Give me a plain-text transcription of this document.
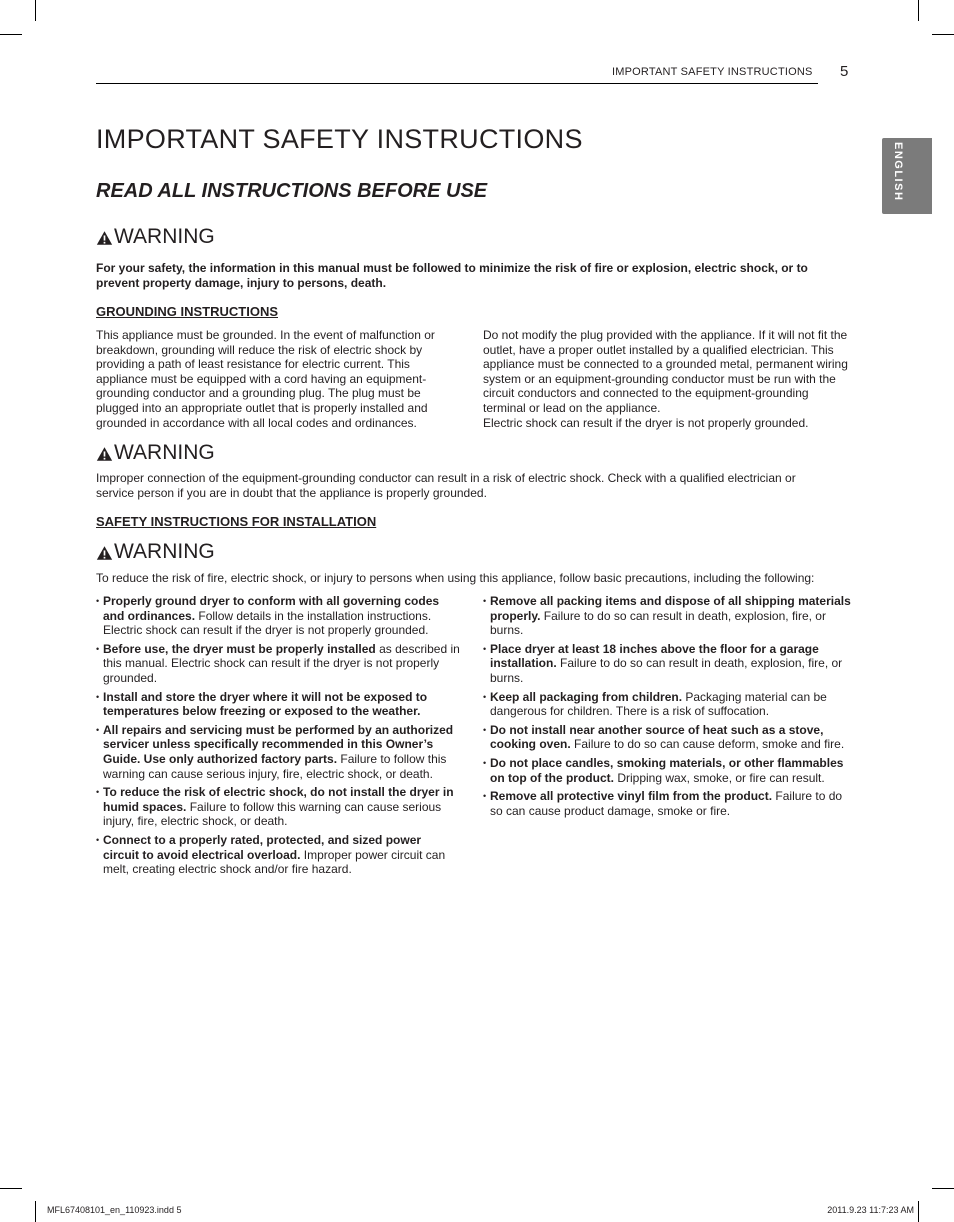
IMPORTANT SAFETY INSTRUCTIONS 5
ENGLISH
IMPORTANT SAFETY INSTRUCTIONS
READ ALL INSTRUCTIONS BEFORE USE
WARNING
For your safety, the information in this manual must be followed to minimize the risk of fire or explosion, electric shock, or to prevent property damage, injury to persons, death.
GROUNDING INSTRUCTIONS
This appliance must be grounded. In the event of malfunction or breakdown, grounding will reduce the risk of electric shock by providing a path of least resistance for electric current. This appliance must be equipped with a cord having an equipment-grounding conductor and a grounding plug. The plug must be plugged into an appropriate outlet that is properly installed and grounded in accordance with all local codes and ordinances.
Do not modify the plug provided with the appliance. If it will not fit the outlet, have a proper outlet installed by a qualified electrician. This appliance must be connected to a grounded metal, permanent wiring system or an equipment-grounding conductor must be run with the circuit conductors and connected to the equipment-grounding terminal or lead on the appliance.
Electric shock can result if the dryer is not properly grounded.
WARNING
Improper connection of the equipment-grounding conductor can result in a risk of electric shock. Check with a qualified electrician or service person if you are in doubt that the appliance is properly grounded.
SAFETY INSTRUCTIONS FOR INSTALLATION
WARNING
To reduce the risk of fire, electric shock, or injury to persons when using this appliance, follow basic precautions, including the following:
• Properly ground dryer to conform with all governing codes and ordinances. Follow details in the installation instructions. Electric shock can result if the dryer is not properly grounded.
• Before use, the dryer must be properly installed as described in this manual. Electric shock can result if the dryer is not properly grounded.
• Install and store the dryer where it will not be exposed to temperatures below freezing or exposed to the weather.
• All repairs and servicing must be performed by an authorized servicer unless specifically recommended in this Owner’s Guide. Use only authorized factory parts. Failure to follow this warning can cause serious injury, fire, electric shock, or death.
• To reduce the risk of electric shock, do not install the dryer in humid spaces. Failure to follow this warning can cause serious injury, fire, electric shock, or death.
• Connect to a properly rated, protected, and sized power circuit to avoid electrical overload. Improper power circuit can melt, creating electric shock and/or fire hazard.
• Remove all packing items and dispose of all shipping materials properly. Failure to do so can result in death, explosion, fire, or burns.
• Place dryer at least 18 inches above the floor for a garage installation. Failure to do so can result in death, explosion, fire, or burns.
• Keep all packaging from children. Packaging material can be dangerous for children. There is a risk of suffocation.
• Do not install near another source of heat such as a stove, cooking oven. Failure to do so can cause deform, smoke and fire.
• Do not place candles, smoking materials, or other flammables on top of the product. Dripping wax, smoke, or fire can result.
• Remove all protective vinyl film from the product. Failure to do so can cause product damage, smoke or fire.
MFL67408101_en_110923.indd 5	2011.9.23 11:7:23 AM
